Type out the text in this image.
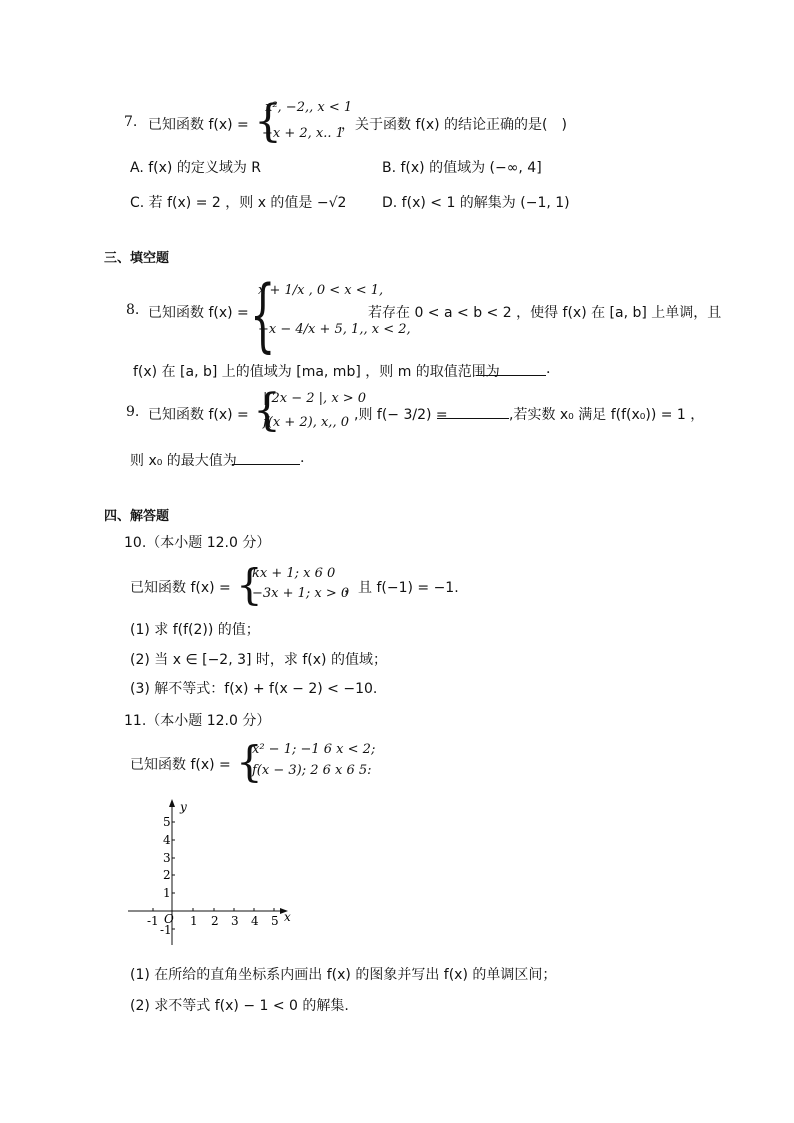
7. 已知函数 f(x) = {
x², −2,, x < 1
−x + 2, x.. 1
，关于函数 f(x) 的结论正确的是(　)
A. f(x) 的定义域为 R	B. f(x) 的值域为 (−∞, 4]
C. 若 f(x) = 2 ，则 x 的值是 −√2	D. f(x) < 1 的解集为 (−1, 1)
三、填空题
8. 已知函数 f(x) = {
x + 1/x , 0 < x < 1,
−x − 4/x + 5, 1,, x < 2,
若存在 0 < a < b < 2 ，使得 f(x) 在 [a, b] 上单调，且
f(x) 在 [a, b] 上的值域为 [ma, mb] ，则 m 的取值范围为	.
9. 已知函数 f(x) = {
| 2x − 2 |, x > 0
f(x + 2), x,, 0 ,则 f(− 3/2) =	,若实数 x₀ 满足 f(f(x₀)) = 1 ，
则 x₀ 的最大值为	.
四、解答题
10.（本小题 12.0 分）
已知函数 f(x) = {
kx + 1; x 6 0
−3x + 1; x > 0
，且 f(−1) = −1.
(1) 求 f(f(2)) 的值；
(2) 当 x ∈ [−2, 3] 时，求 f(x) 的值域；
(3) 解不等式：f(x) + f(x − 2) < −10.
11.（本小题 12.0 分）
已知函数 f(x) = {
x² − 1; −1 6 x < 2;
f(x − 3); 2 6 x 6 5:
y
x
O
-1	1 2 3 4 5
5
4
3
2
1
-1
(1) 在所给的直角坐标系内画出 f(x) 的图象并写出 f(x) 的单调区间；
(2) 求不等式 f(x) − 1 < 0 的解集.
